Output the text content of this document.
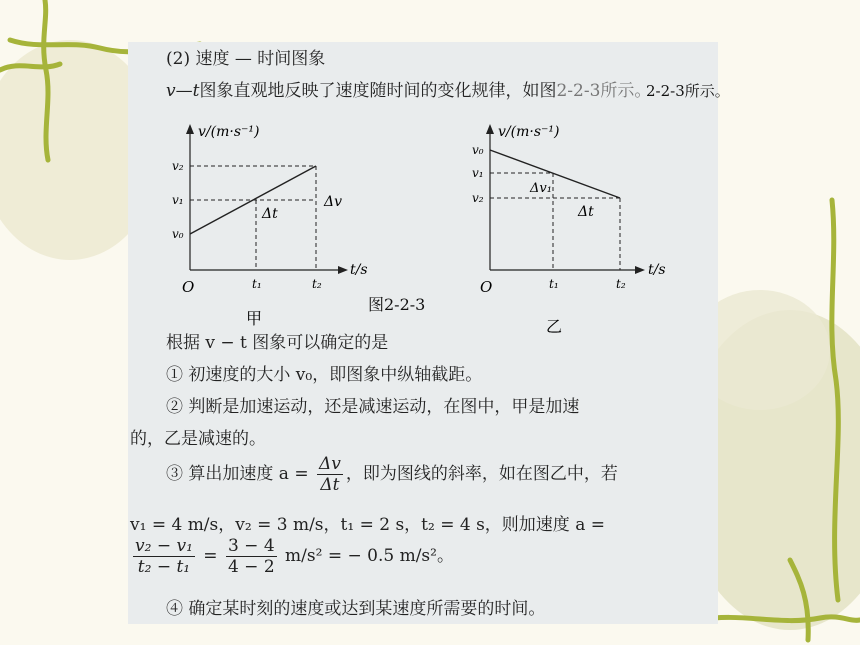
(2) 速度 — 时间图象
v—t图象直观地反映了速度随时间的变化规律，如图2-2-3所示。
v/(m·s⁻¹)
t/s
O
v₂
v₁
v₀
t₁	t₂
Δt
Δv
甲
图2-2-3
v/(m·s⁻¹)
t/s
O
v₀
v₁
v₂
t₁	t₂
Δv₁
Δt
乙
根据 v − t 图象可以确定的是
① 初速度的大小 v₀，即图象中纵轴截距。
② 判断是加速运动，还是减速运动，在图中，甲是加速
的，乙是减速的。
③ 算出加速度 $a = \frac{\Delta v}{\Delta t}$ ，即为图线的斜率，如在图乙中，若
v₁ = 4 m/s，v₂ = 3 m/s，t₁ = 2 s，t₂ = 4 s，则加速度 a =
$\frac{\text{v₂ − v₁}}{\text{t₂ − t₁}} = \frac{3 - 4}{4 - 2} m/s^2$ = − 0.5 m/s²。
④ 确定某时刻的速度或达到某速度所需要的时间。
2-2-3所示。
